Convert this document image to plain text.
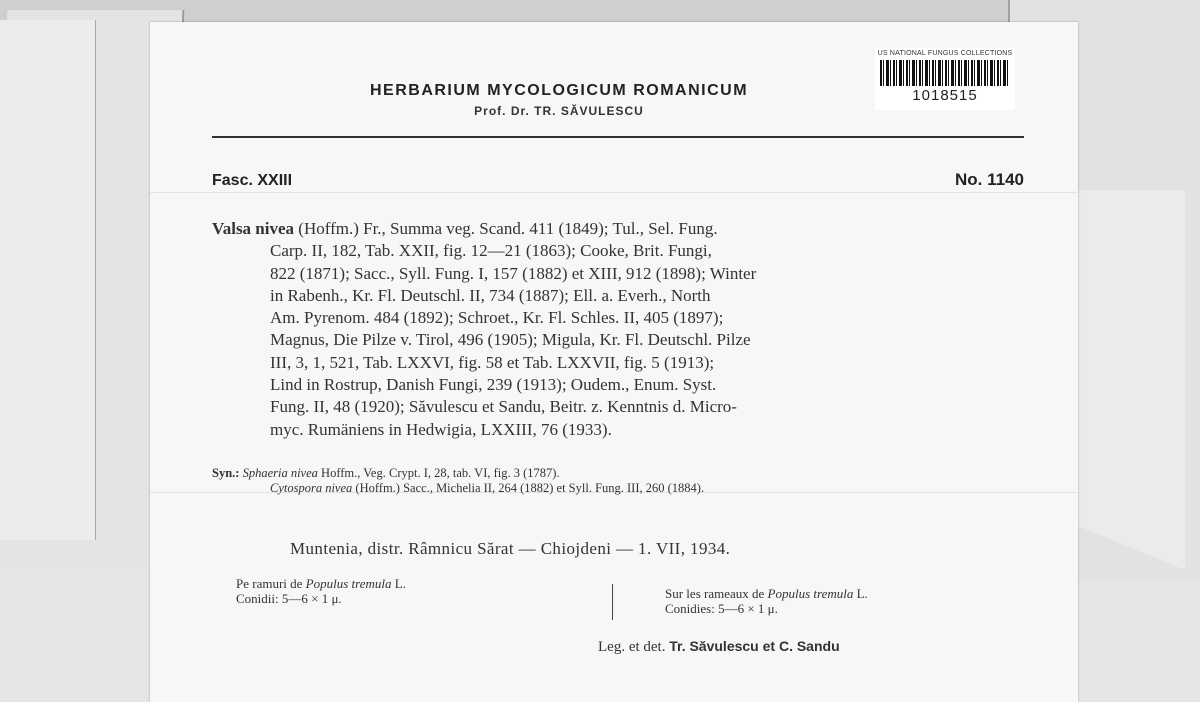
US NATIONAL FUNGUS COLLECTIONS
1018515
HERBARIUM MYCOLOGICUM ROMANICUM
Prof. Dr. TR. SĂVULESCU
Fasc. XXIII	No. 1140
Valsa nivea (Hoffm.) Fr., Summa veg. Scand. 411 (1849); Tul., Sel. Fung.
Carp. II, 182, Tab. XXII, fig. 12—21 (1863); Cooke, Brit. Fungi,
822 (1871); Sacc., Syll. Fung. I, 157 (1882) et XIII, 912 (1898); Winter
in Rabenh., Kr. Fl. Deutschl. II, 734 (1887); Ell. a. Everh., North
Am. Pyrenom. 484 (1892); Schroet., Kr. Fl. Schles. II, 405 (1897);
Magnus, Die Pilze v. Tirol, 496 (1905); Migula, Kr. Fl. Deutschl. Pilze
III, 3, 1, 521, Tab. LXXVI, fig. 58 et Tab. LXXVII, fig. 5 (1913);
Lind in Rostrup, Danish Fungi, 239 (1913); Oudem., Enum. Syst.
Fung. II, 48 (1920); Săvulescu et Sandu, Beitr. z. Kenntnis d. Micro-
myc. Rumäniens in Hedwigia, LXXIII, 76 (1933).
Syn.: Sphaeria nivea Hoffm., Veg. Crypt. I, 28, tab. VI, fig. 3 (1787).
Cytospora nivea (Hoffm.) Sacc., Michelia II, 264 (1882) et Syll. Fung. III, 260 (1884).
Muntenia, distr. Râmnicu Sărat — Chiojdeni — 1. VII, 1934.
Pe ramuri de Populus tremula L.
Conidii: 5—6 × 1 μ.	Sur les rameaux de Populus tremula L.
Conidies: 5—6 × 1 μ.
Leg. et det. Tr. Săvulescu et C. Sandu
